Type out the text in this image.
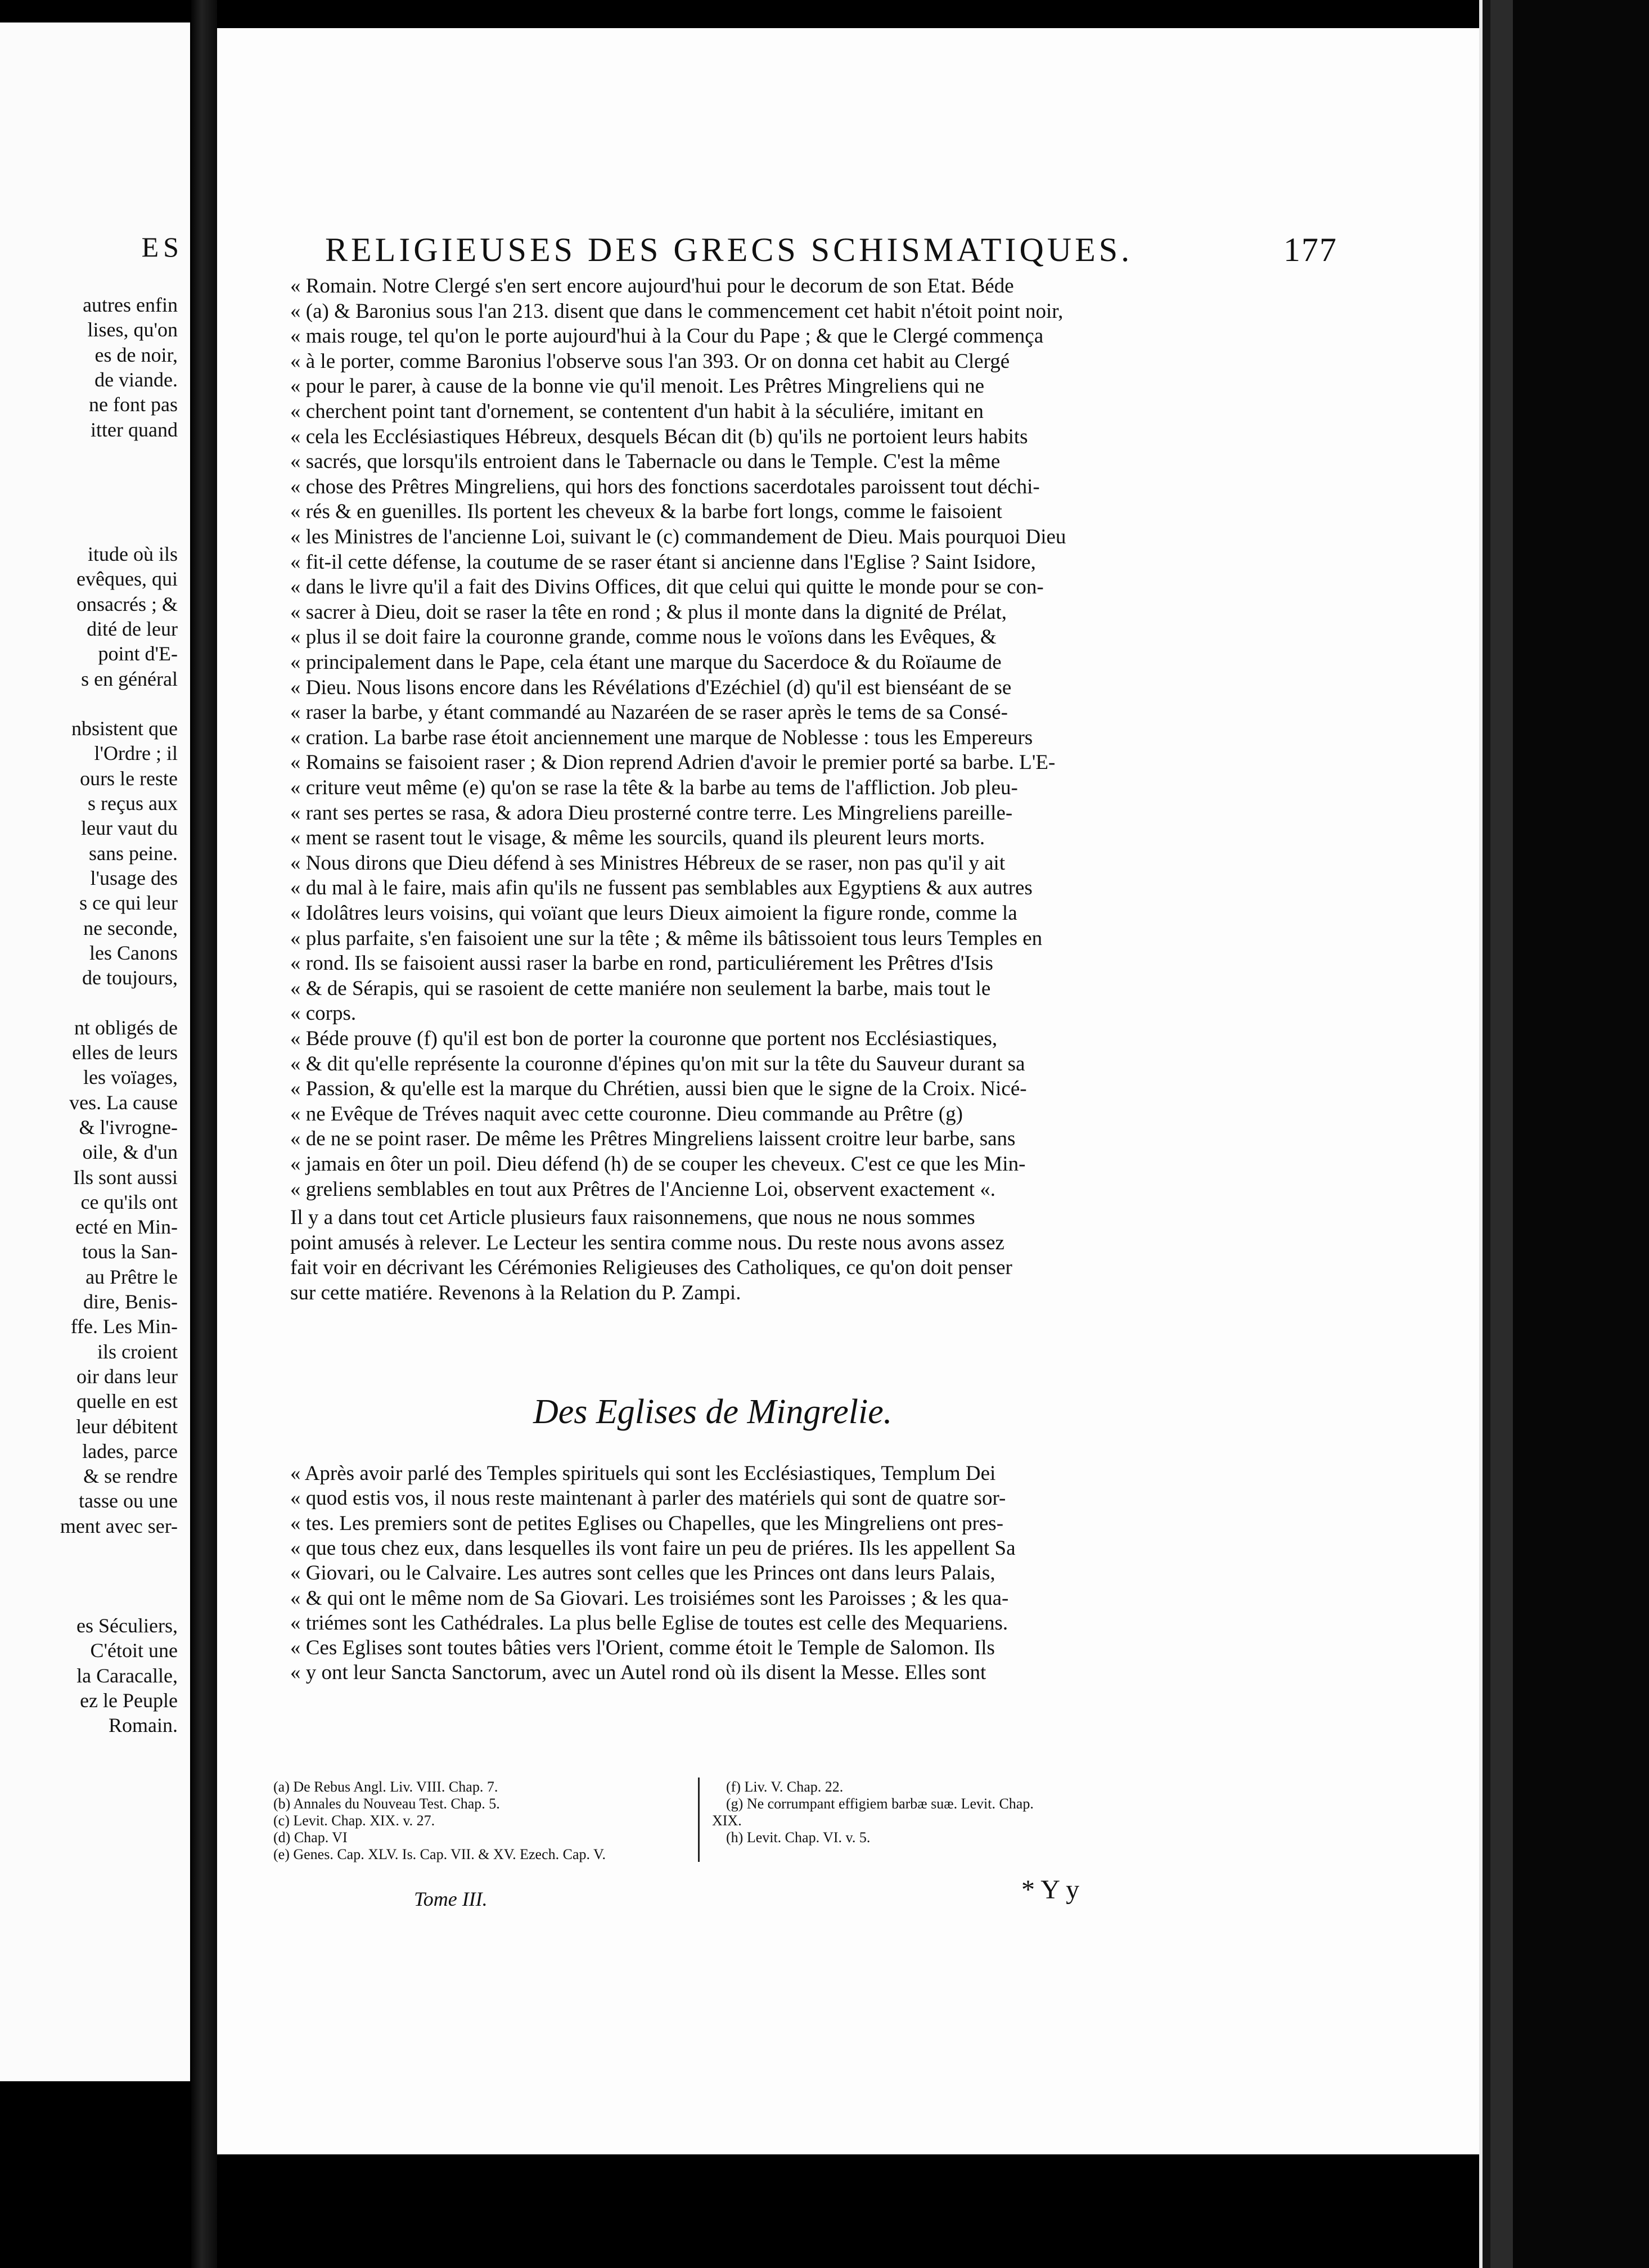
ES
autres enfin
lises, qu'on
es de noir,
de viande.
ne font pas
itter quand
itude où ils
evêques, qui
onsacrés ; &
dité de leur
point d'E-
s en général
nbsistent que
l'Ordre ; il
ours le reste
s reçus aux
leur vaut du
sans peine.
l'usage des
s ce qui leur
ne seconde,
les Canons
de toujours,
nt obligés de
elles de leurs
les voïages,
ves. La cause
& l'ivrogne-
oile, & d'un
Ils sont aussi
ce qu'ils ont
ecté en Min-
tous la San-
au Prêtre le
dire, Benis-
ffe. Les Min-
ils croient
oir dans leur
quelle en est
leur débitent
lades, parce
& se rendre
tasse ou une
ment avec ser-
es Séculiers,
C'étoit une
la Caracalle,
ez le Peuple
Romain.
RELIGIEUSES DES GRECS SCHISMATIQUES.	177
« Romain. Notre Clergé s'en sert encore aujourd'hui pour le decorum de son Etat. Béde
« (a) & Baronius sous l'an 213. disent que dans le commencement cet habit n'étoit point noir,
« mais rouge, tel qu'on le porte aujourd'hui à la Cour du Pape ; & que le Clergé commença
« à le porter, comme Baronius l'observe sous l'an 393. Or on donna cet habit au Clergé
« pour le parer, à cause de la bonne vie qu'il menoit. Les Prêtres Mingreliens qui ne
« cherchent point tant d'ornement, se contentent d'un habit à la séculiére, imitant en
« cela les Ecclésiastiques Hébreux, desquels Bécan dit (b) qu'ils ne portoient leurs habits
« sacrés, que lorsqu'ils entroient dans le Tabernacle ou dans le Temple. C'est la même
« chose des Prêtres Mingreliens, qui hors des fonctions sacerdotales paroissent tout déchi-
« rés & en guenilles. Ils portent les cheveux & la barbe fort longs, comme le faisoient
« les Ministres de l'ancienne Loi, suivant le (c) commandement de Dieu. Mais pourquoi Dieu
« fit-il cette défense, la coutume de se raser étant si ancienne dans l'Eglise ? Saint Isidore,
« dans le livre qu'il a fait des Divins Offices, dit que celui qui quitte le monde pour se con-
« sacrer à Dieu, doit se raser la tête en rond ; & plus il monte dans la dignité de Prélat,
« plus il se doit faire la couronne grande, comme nous le voïons dans les Evêques, &
« principalement dans le Pape, cela étant une marque du Sacerdoce & du Roïaume de
« Dieu. Nous lisons encore dans les Révélations d'Ezéchiel (d) qu'il est bienséant de se
« raser la barbe, y étant commandé au Nazaréen de se raser après le tems de sa Consé-
« cration. La barbe rase étoit anciennement une marque de Noblesse : tous les Empereurs
« Romains se faisoient raser ; & Dion reprend Adrien d'avoir le premier porté sa barbe. L'E-
« criture veut même (e) qu'on se rase la tête & la barbe au tems de l'affliction. Job pleu-
« rant ses pertes se rasa, & adora Dieu prosterné contre terre. Les Mingreliens pareille-
« ment se rasent tout le visage, & même les sourcils, quand ils pleurent leurs morts.
« Nous dirons que Dieu défend à ses Ministres Hébreux de se raser, non pas qu'il y ait
« du mal à le faire, mais afin qu'ils ne fussent pas semblables aux Egyptiens & aux autres
« Idolâtres leurs voisins, qui voïant que leurs Dieux aimoient la figure ronde, comme la
« plus parfaite, s'en faisoient une sur la tête ; & même ils bâtissoient tous leurs Temples en
« rond. Ils se faisoient aussi raser la barbe en rond, particuliérement les Prêtres d'Isis
« & de Sérapis, qui se rasoient de cette maniére non seulement la barbe, mais tout le
« corps.
« Béde prouve (f) qu'il est bon de porter la couronne que portent nos Ecclésiastiques,
« & dit qu'elle représente la couronne d'épines qu'on mit sur la tête du Sauveur durant sa
« Passion, & qu'elle est la marque du Chrétien, aussi bien que le signe de la Croix. Nicé-
« ne Evêque de Tréves naquit avec cette couronne. Dieu commande au Prêtre (g)
« de ne se point raser. De même les Prêtres Mingreliens laissent croitre leur barbe, sans
« jamais en ôter un poil. Dieu défend (h) de se couper les cheveux. C'est ce que les Min-
« greliens semblables en tout aux Prêtres de l'Ancienne Loi, observent exactement «.
Il y a dans tout cet Article plusieurs faux raisonnemens, que nous ne nous sommes
point amusés à relever. Le Lecteur les sentira comme nous. Du reste nous avons assez
fait voir en décrivant les Cérémonies Religieuses des Catholiques, ce qu'on doit penser
sur cette matiére. Revenons à la Relation du P. Zampi.
Des Eglises de Mingrelie.
« Après avoir parlé des Temples spirituels qui sont les Ecclésiastiques, Templum Dei
« quod estis vos, il nous reste maintenant à parler des matériels qui sont de quatre sor-
« tes. Les premiers sont de petites Eglises ou Chapelles, que les Mingreliens ont pres-
« que tous chez eux, dans lesquelles ils vont faire un peu de priéres. Ils les appellent Sa
« Giovari, ou le Calvaire. Les autres sont celles que les Princes ont dans leurs Palais,
« & qui ont le même nom de Sa Giovari. Les troisiémes sont les Paroisses ; & les qua-
« triémes sont les Cathédrales. La plus belle Eglise de toutes est celle des Mequariens.
« Ces Eglises sont toutes bâties vers l'Orient, comme étoit le Temple de Salomon. Ils
« y ont leur Sancta Sanctorum, avec un Autel rond où ils disent la Messe. Elles sont
(a) De Rebus Angl. Liv. VIII. Chap. 7.
(b) Annales du Nouveau Test. Chap. 5.
(c) Levit. Chap. XIX. v. 27.
(d) Chap. VI
(e) Genes. Cap. XLV. Is. Cap. VII. & XV. Ezech. Cap. V.
(f) Liv. V. Chap. 22.
(g) Ne corrumpant effigiem barbæ suæ. Levit. Chap.
XIX.
(h) Levit. Chap. VI. v. 5.
Tome III.	* Y y
